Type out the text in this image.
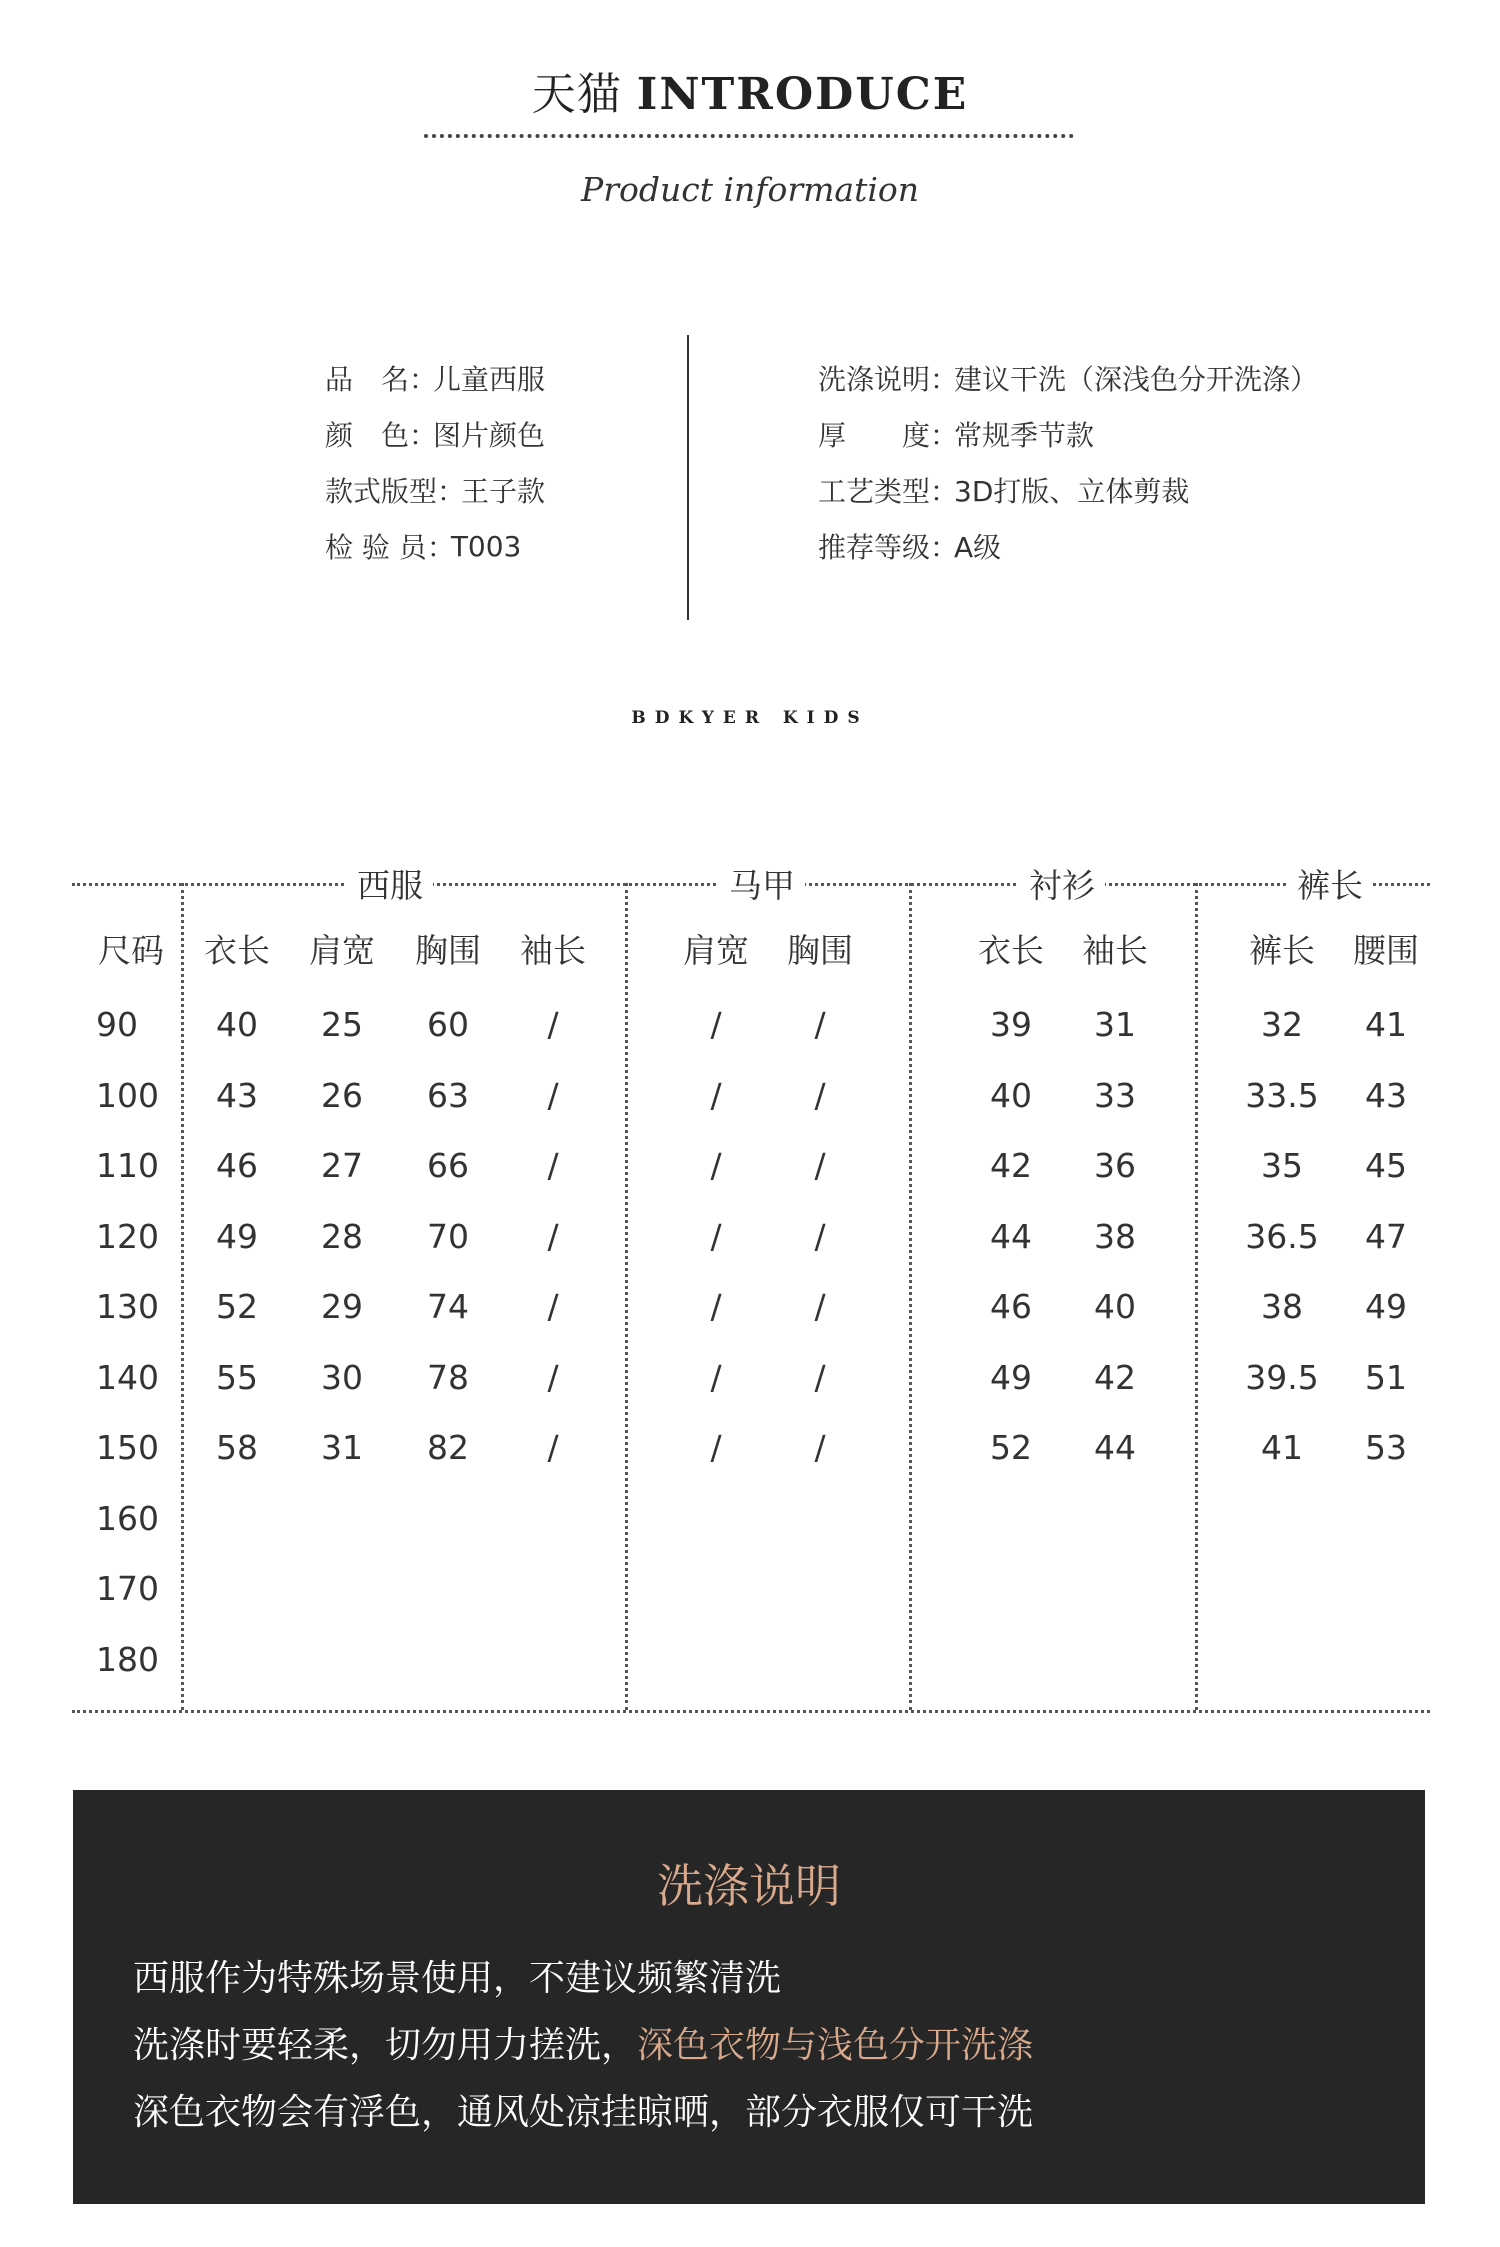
天猫 INTRODUCE
Product information
品　名 ：
儿童西服
颜　色 ：
图片颜色
款式版型 ：
王子款
检 验 员 ：
T003
洗涤说明 ：
建议干洗（深浅色分开洗涤）
厚　　度 ：
常规季节款
工艺类型 ：
3D打版、立体剪裁
推荐等级 ：
A级
BDKYER KIDS
西服	马甲	衬衫	裤长
尺码 衣长 肩宽 胸围 袖长	肩宽 胸围	衣长 袖长	裤长 腰围
90 40 25 60 /	/	/	39 31	32 41
100 43 26 63 /	/	/	40 33	33.5 43
110 46 27 66 /	/	/	42 36	35 45
120 49 28 70 /	/	/	44 38	36.5 47
130 52 29 74 /	/	/	46 40	38 49
140 55 30 78 /	/	/	49 42	39.5 51
150 58 31 82 /	/	/	52 44	41 53
160
170
180
洗涤说明
西服作为特殊场景使用，不建议频繁清洗
洗涤时要轻柔，切勿用力搓洗，深色衣物与浅色分开洗涤
深色衣物会有浮色，通风处凉挂晾晒，部分衣服仅可干洗
